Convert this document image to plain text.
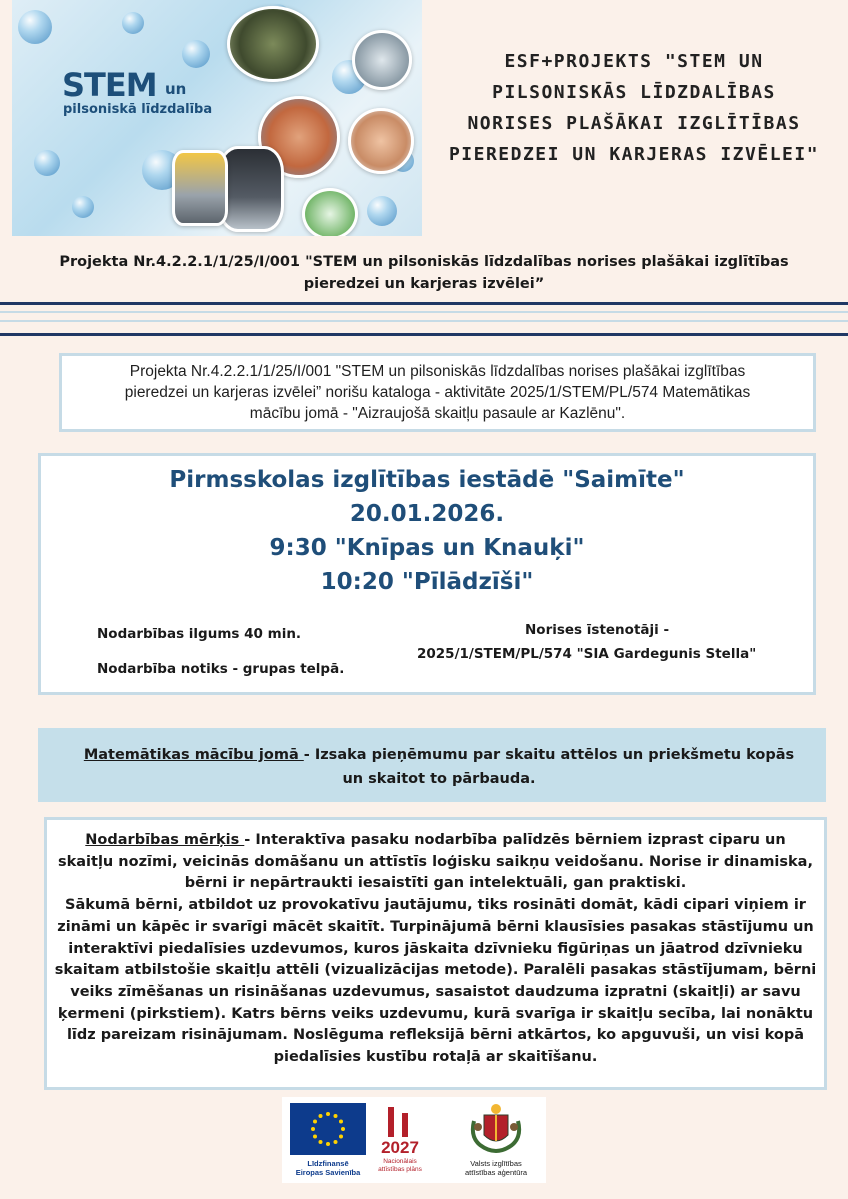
STEM un
pilsoniskā līdzdalība
ESF+PROJEKTS "STEM UN
PILSONISKĀS LĪDZDALĪBAS
NORISES PLAŠĀKAI IZGLĪTĪBAS
PIEREDZEI UN KARJERAS IZVĒLEI"
Projekta Nr.4.2.2.1/1/25/I/001 "STEM un pilsoniskās līdzdalības norises plašākai izglītības
pieredzei un karjeras izvēlei”
Projekta Nr.4.2.2.1/1/25/I/001 "STEM un pilsoniskās līdzdalības norises plašākai izglītības
pieredzei un karjeras izvēlei” norišu kataloga - aktivitāte 2025/1/STEM/PL/574 Matemātikas
mācību jomā - "Aizraujošā skaitļu pasaule ar Kazlēnu".
Pirmsskolas izglītības iestādē "Saimīte"
20.01.2026.
9:30 "Knīpas un Knauķi"
10:20 "Pīlādzīši"
Nodarbības ilgums 40 min.
Nodarbība notiks - grupas telpā.
Norises īstenotāji -
2025/1/STEM/PL/574 "SIA Gardegunis Stella"
Matemātikas mācību jomā - Izsaka pieņēmumu par skaitu attēlos un priekšmetu kopās
un skaitot to pārbauda.
Nodarbības mērķis - Interaktīva pasaku nodarbība palīdzēs bērniem izprast ciparu un
skaitļu nozīmi, veicinās domāšanu un attīstīs loģisku saikņu veidošanu. Norise ir dinamiska,
bērni ir nepārtraukti iesaistīti gan intelektuāli, gan praktiski.
Sākumā bērni, atbildot uz provokatīvu jautājumu, tiks rosināti domāt, kādi cipari viņiem ir
zināmi un kāpēc ir svarīgi mācēt skaitīt. Turpinājumā bērni klausīsies pasakas stāstījumu un
interaktīvi piedalīsies uzdevumos, kuros jāskaita dzīvnieku figūriņas un jāatrod dzīvnieku
skaitam atbilstošie skaitļu attēli (vizualizācijas metode). Paralēli pasakas stāstījumam, bērni
veiks zīmēšanas un risināšanas uzdevumus, sasaistot daudzuma izpratni (skaitļi) ar savu
ķermeni (pirkstiem). Katrs bērns veiks uzdevumu, kurā svarīga ir skaitļu secība, lai nonāktu
līdz pareizam risinājumam. Noslēguma refleksijā bērni atkārtos, ko apguvuši, un visi kopā
piedalīsies kustību rotaļā ar skaitīšanu.
Līdzfinansē
Eiropas Savienība
2027
Nacionālais
attīstības plāns
Valsts izglītības
attīstības aģentūra
